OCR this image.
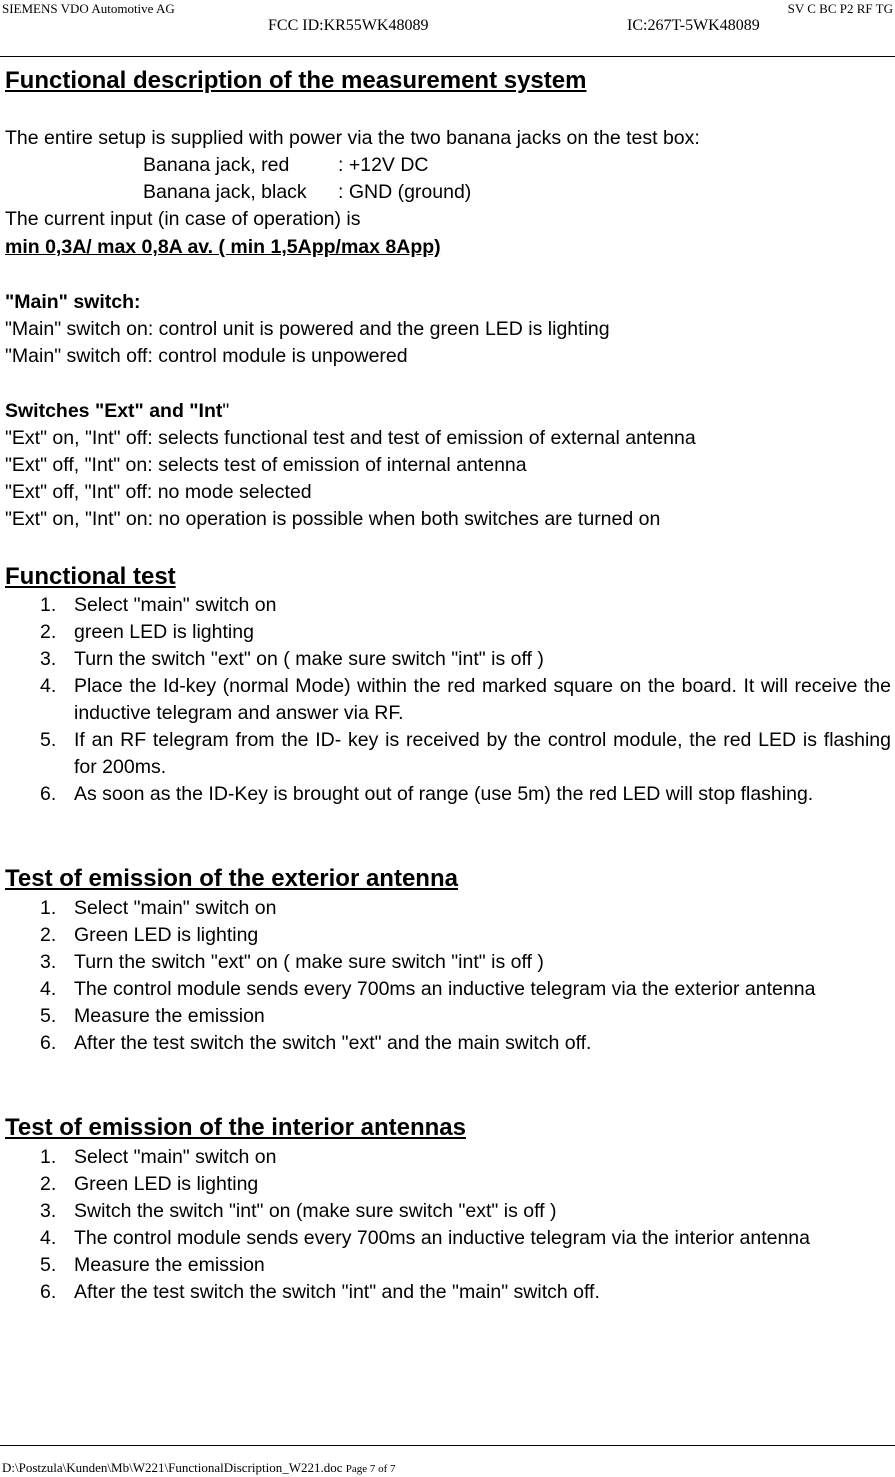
SIEMENS VDO Automotive AG	SV C BC P2 RF TG
FCC ID:KR55WK48089	IC:267T-5WK48089
Functional description of the measurement system

The entire setup is supplied with power via the two banana jacks on the test box:

Banana jack, red : +12V DC
Banana jack, black : GND (ground)

The current input (in case of operation) is

min 0,3A/ max 0,8A av. ( min 1,5App/max 8App)

"Main" switch:

"Main" switch on: control unit is powered and the green LED is lighting

"Main" switch off: control module is unpowered

Switches "Ext" and "Int"

"Ext" on, "Int" off: selects functional test and test of emission of external antenna

"Ext" off, "Int" on: selects test of emission of internal antenna

"Ext" off, "Int" off: no mode selected

"Ext" on, "Int" on: no operation is possible when both switches are turned on

Functional test
1. Select "main" switch on
2. green LED is lighting
3. Turn the switch "ext" on ( make sure switch "int" is off )
4. Place the Id-key (normal Mode) within the red marked square on the board. It will receive the inductive telegram and answer via RF.
5. If an RF telegram from the ID- key is received by the control module, the red LED is flashing for 200ms.
6. As soon as the ID-Key is brought out of range (use 5m) the red LED will stop flashing.
Test of emission of the exterior antenna
1. Select "main" switch on
2. Green LED is lighting
3. Turn the switch "ext" on ( make sure switch "int" is off )
4. The control module sends every 700ms an inductive telegram via the exterior antenna
5. Measure the emission
6. After the test switch the switch "ext" and the main switch off.
Test of emission of the interior antennas
1. Select "main" switch on
2. Green LED is lighting
3. Switch the switch "int" on (make sure switch "ext" is off )
4. The control module sends every 700ms an inductive telegram via the interior antenna
5. Measure the emission
6. After the test switch the switch "int" and the "main" switch off.
D:\Postzula\Kunden\Mb\W221\FunctionalDiscription_W221.doc Page 7 of 7
